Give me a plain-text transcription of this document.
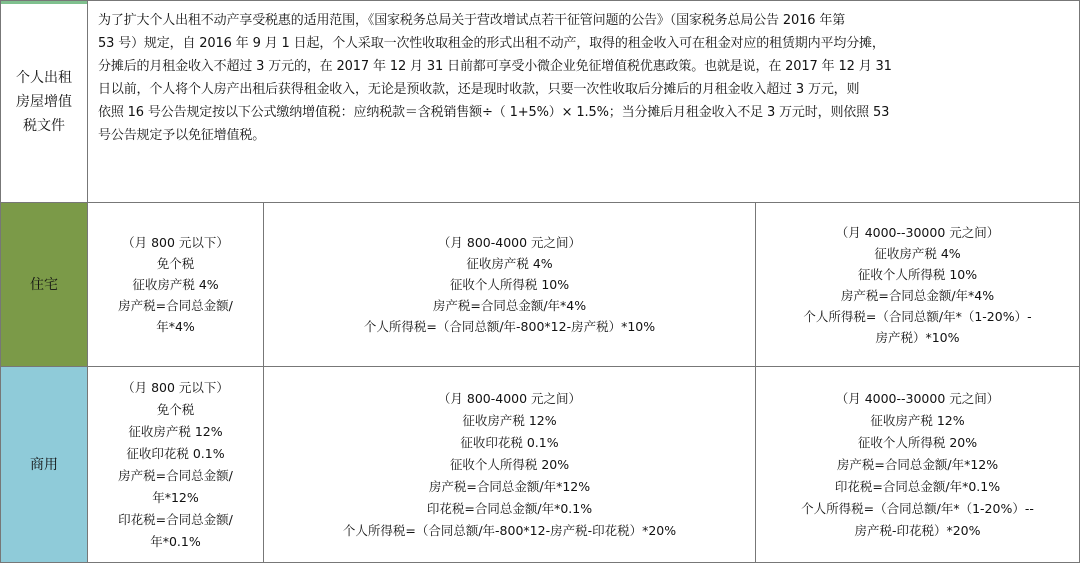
个人出租
房屋增值
税文件
为了扩大个人出租不动产享受税惠的适用范围，《国家税务总局关于营改增试点若干征管问题的公告》（国家税务总局公告 2016 年第
53 号）规定，自 2016 年 9 月 1 日起，个人采取一次性收取租金的形式出租不动产，取得的租金收入可在租金对应的租赁期内平均分摊，
分摊后的月租金收入不超过 3 万元的，在 2017 年 12 月 31 日前都可享受小微企业免征增值税优惠政策。也就是说，在 2017 年 12 月 31
日以前，个人将个人房产出租后获得租金收入，无论是预收款，还是现时收款，只要一次性收取后分摊后的月租金收入超过 3 万元，则
依照 16 号公告规定按以下公式缴纳增值税：应纳税款＝含税销售额÷（ 1+5%）× 1.5%；当分摊后月租金收入不足 3 万元时，则依照 53
号公告规定予以免征增值税。
住宅
（月 800 元以下）
免个税
征收房产税 4%
房产税=合同总金额/
年*4%
（月 800-4000 元之间）
征收房产税 4%
征收个人所得税 10%
房产税=合同总金额/年*4%
个人所得税=（合同总额/年-800*12-房产税）*10%
（月 4000--30000 元之间）
征收房产税 4%
征收个人所得税 10%
房产税=合同总金额/年*4%
个人所得税=（合同总额/年*（1-20%）-
房产税）*10%
商用
（月 800 元以下）
免个税
征收房产税 12%
征收印花税 0.1%
房产税=合同总金额/
年*12%
印花税=合同总金额/
年*0.1%
（月 800-4000 元之间）
征收房产税 12%
征收印花税 0.1%
征收个人所得税 20%
房产税=合同总金额/年*12%
印花税=合同总金额/年*0.1%
个人所得税=（合同总额/年-800*12-房产税-印花税）*20%
（月 4000--30000 元之间）
征收房产税 12%
征收个人所得税 20%
房产税=合同总金额/年*12%
印花税=合同总金额/年*0.1%
个人所得税=（合同总额/年*（1-20%）--
房产税-印花税）*20%
